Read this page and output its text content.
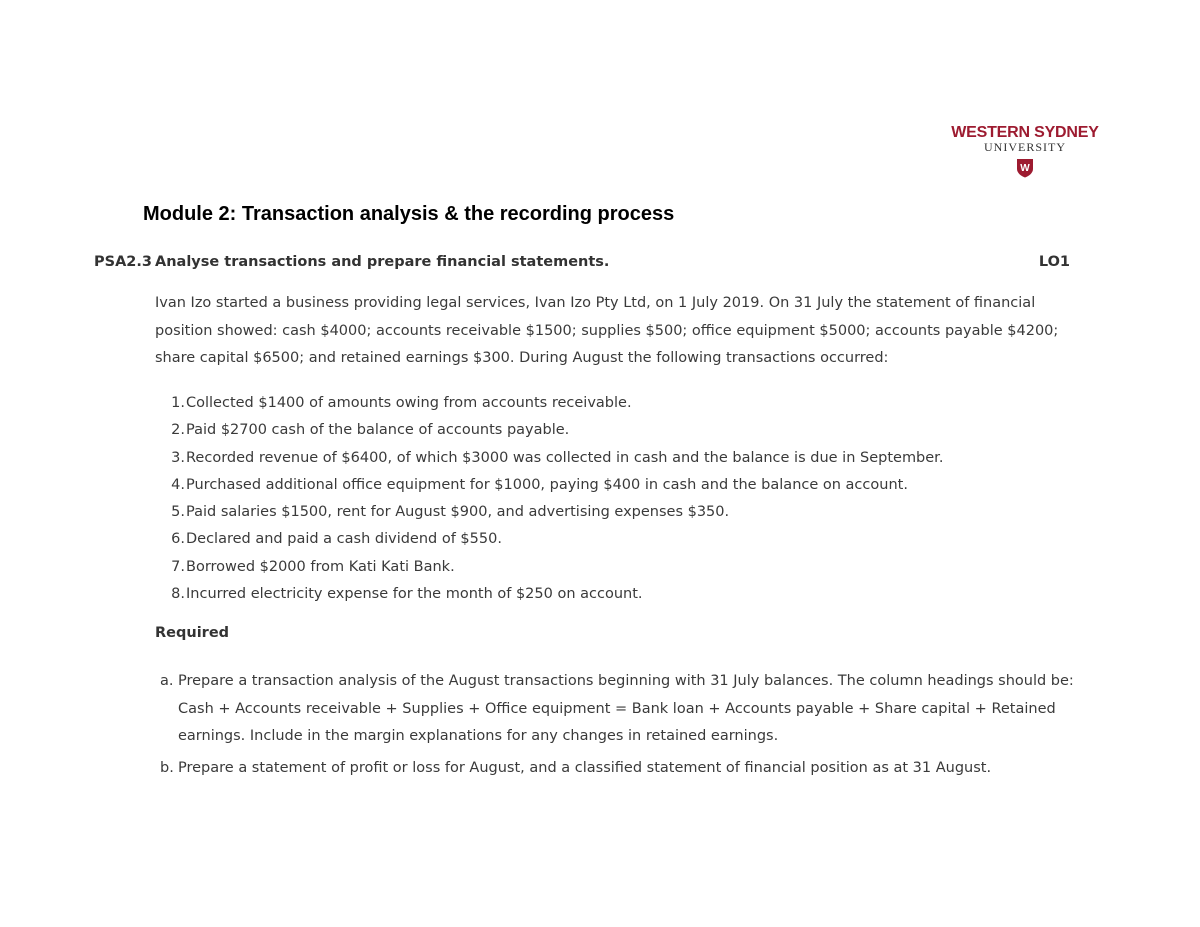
WESTERN SYDNEY
UNIVERSITY
W
Module 2: Transaction analysis & the recording process
PSA2.3 Analyse transactions and prepare financial statements.	LO1
Ivan Izo started a business providing legal services, Ivan Izo Pty Ltd, on 1 July 2019. On 31 July the statement of financial position showed: cash $4000; accounts receivable $1500; supplies $500; office equipment $5000; accounts payable $4200; share capital $6500; and retained earnings $300. During August the following transactions occurred:
1.Collected $1400 of amounts owing from accounts receivable.
2.Paid $2700 cash of the balance of accounts payable.
3.Recorded revenue of $6400, of which $3000 was collected in cash and the balance is due in September.
4.Purchased additional office equipment for $1000, paying $400 in cash and the balance on account.
5.Paid salaries $1500, rent for August $900, and advertising expenses $350.
6.Declared and paid a cash dividend of $550.
7.Borrowed $2000 from Kati Kati Bank.
8.Incurred electricity expense for the month of $250 on account.
Required
a. Prepare a transaction analysis of the August transactions beginning with 31 July balances. The column headings should be: Cash + Accounts receivable + Supplies + Office equipment = Bank loan + Accounts payable + Share capital + Retained earnings. Include in the margin explanations for any changes in retained earnings.
b. Prepare a statement of profit or loss for August, and a classified statement of financial position as at 31 August.
